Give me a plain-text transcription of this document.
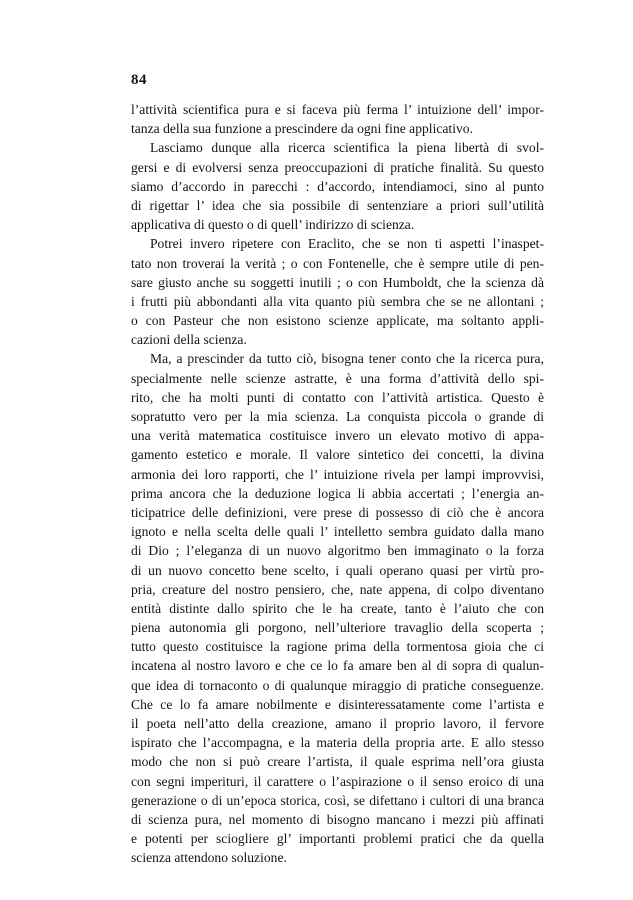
84
l’attività scientifica pura e si faceva più ferma l’ intuizione dell’ impor-
tanza della sua funzione a prescindere da ogni fine applicativo.
Lasciamo dunque alla ricerca scientifica la piena libertà di svol-
gersi e di evolversi senza preoccupazioni di pratiche finalità. Su questo
siamo d’accordo in parecchi : d’accordo, intendiamoci, sino al punto
di rigettar l’ idea che sia possibile di sentenziare a priori sull’utilità
applicativa di questo o di quell’ indirizzo di scienza.
Potrei invero ripetere con Eraclito, che se non ti aspetti l’inaspet-
tato non troverai la verità ; o con Fontenelle, che è sempre utile di pen-
sare giusto anche su soggetti inutili ; o con Humboldt, che la scienza dà
i frutti più abbondanti alla vita quanto più sembra che se ne allontani ;
o con Pasteur che non esistono scienze applicate, ma soltanto appli-
cazioni della scienza.
Ma, a prescinder da tutto ciò, bisogna tener conto che la ricerca pura,
specialmente nelle scienze astratte, è una forma d’attività dello spi-
rito, che ha molti punti di contatto con l’attività artistica. Questo è
sopratutto vero per la mia scienza. La conquista piccola o grande di
una verità matematica costituisce invero un elevato motivo di appa-
gamento estetico e morale. Il valore sintetico dei concetti, la divina
armonia dei loro rapporti, che l’ intuizione rivela per lampi improvvisi,
prima ancora che la deduzione logica li abbia accertati ; l’energia an-
ticipatrice delle definizioni, vere prese di possesso di ciò che è ancora
ignoto e nella scelta delle quali l’ intelletto sembra guidato dalla mano
di Dio ; l’eleganza di un nuovo algoritmo ben immaginato o la forza
di un nuovo concetto bene scelto, i quali operano quasi per virtù pro-
pria, creature del nostro pensiero, che, nate appena, di colpo diventano
entità distinte dallo spirito che le ha create, tanto è l’aiuto che con
piena autonomia gli porgono, nell’ulteriore travaglio della scoperta ;
tutto questo costituisce la ragione prima della tormentosa gioia che ci
incatena al nostro lavoro e che ce lo fa amare ben al di sopra di qualun-
que idea di tornaconto o di qualunque miraggio di pratiche conseguenze.
Che ce lo fa amare nobilmente e disinteressatamente come l’artista e
il poeta nell’atto della creazione, amano il proprio lavoro, il fervore
ispirato che l’accompagna, e la materia della propria arte. E allo stesso
modo che non si può creare l’artista, il quale esprima nell’ora giusta
con segni imperituri, il carattere o l’aspirazione o il senso eroico di una
generazione o di un’epoca storica, così, se difettano i cultori di una branca
di scienza pura, nel momento di bisogno mancano i mezzi più affinati
e potenti per sciogliere gl’ importanti problemi pratici che da quella
scienza attendono soluzione.
